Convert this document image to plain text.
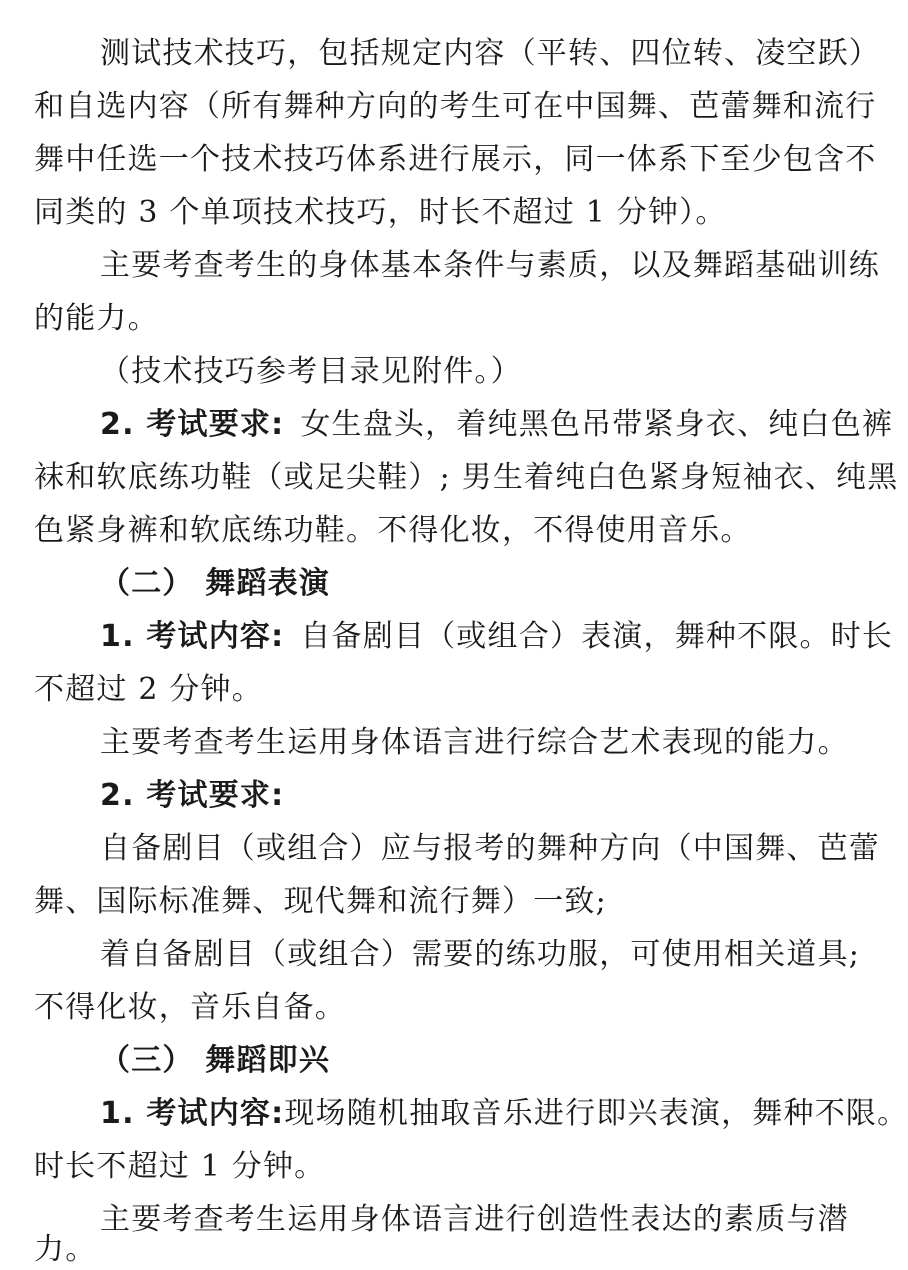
测试技术技巧，包括规定内容（平转、四位转、凌空跃）
和自选内容（所有舞种方向的考生可在中国舞、芭蕾舞和流行
舞中任选一个技术技巧体系进行展示，同一体系下至少包含不
同类的 3 个单项技术技巧，时长不超过 1 分钟）。
主要考查考生的身体基本条件与素质，以及舞蹈基础训练
的能力。
（技术技巧参考目录见附件。）
2. 考试要求: 女生盘头，着纯黑色吊带紧身衣、纯白色裤
袜和软底练功鞋（或足尖鞋）; 男生着纯白色紧身短袖衣、纯黑
色紧身裤和软底练功鞋。不得化妆，不得使用音乐。
（二） 舞蹈表演
1. 考试内容: 自备剧目（或组合）表演，舞种不限。时长
不超过 2 分钟。
主要考查考生运用身体语言进行综合艺术表现的能力。
2. 考试要求:
自备剧目（或组合）应与报考的舞种方向（中国舞、芭蕾
舞、国际标准舞、现代舞和流行舞）一致;
着自备剧目（或组合）需要的练功服，可使用相关道具;
不得化妆，音乐自备。
（三） 舞蹈即兴
1. 考试内容:现场随机抽取音乐进行即兴表演，舞种不限。
时长不超过 1 分钟。
主要考查考生运用身体语言进行创造性表达的素质与潜
力。
